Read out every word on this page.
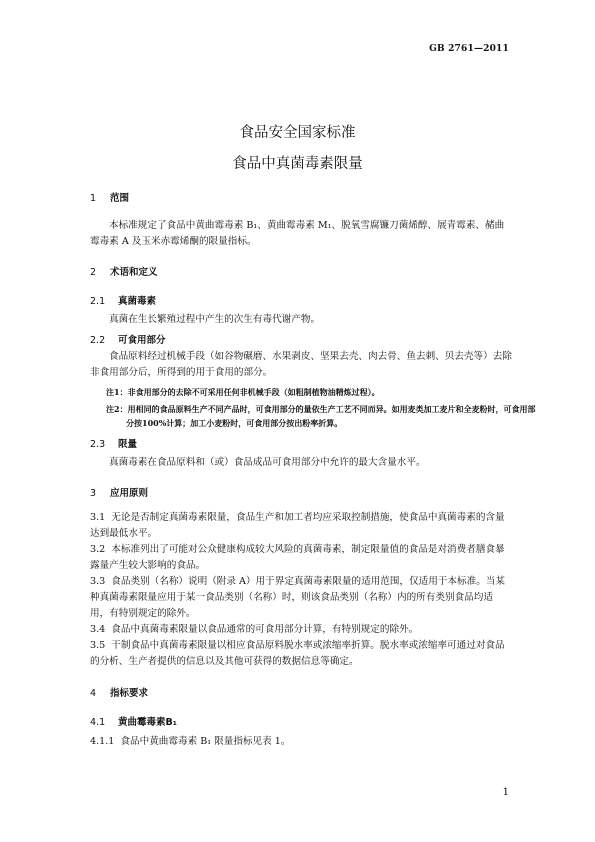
GB 2761—2011
食品安全国家标准
食品中真菌毒素限量
1 范围
本标准规定了食品中黄曲霉毒素 B₁、黄曲霉毒素 M₁、脱氧雪腐镰刀菌烯醇、展青霉素、赭曲霉毒素 A 及玉米赤霉烯酮的限量指标。
2 术语和定义
2.1 真菌毒素
真菌在生长繁殖过程中产生的次生有毒代谢产物。
2.2 可食用部分
食品原料经过机械手段（如谷物碾磨、水果剥皮、坚果去壳、肉去骨、鱼去刺、贝去壳等）去除非食用部分后，所得到的用于食用的部分。
注1：非食用部分的去除不可采用任何非机械手段（如粗制植物油精炼过程）。
注2：用相同的食品原料生产不同产品时，可食用部分的量依生产工艺不同而异。如用麦类加工麦片和全麦粉时，可食用部分按100%计算；加工小麦粉时，可食用部分按出粉率折算。
2.3 限量
真菌毒素在食品原料和（或）食品成品可食用部分中允许的最大含量水平。
3 应用原则
3.1 无论是否制定真菌毒素限量，食品生产和加工者均应采取控制措施，使食品中真菌毒素的含量达到最低水平。
3.2 本标准列出了可能对公众健康构成较大风险的真菌毒素，制定限量值的食品是对消费者膳食暴露量产生较大影响的食品。
3.3 食品类别（名称）说明（附录 A）用于界定真菌毒素限量的适用范围，仅适用于本标准。当某种真菌毒素限量应用于某一食品类别（名称）时，则该食品类别（名称）内的所有类别食品均适用，有特别规定的除外。
3.4 食品中真菌毒素限量以食品通常的可食用部分计算，有特别规定的除外。
3.5 干制食品中真菌毒素限量以相应食品原料脱水率或浓缩率折算。脱水率或浓缩率可通过对食品的分析、生产者提供的信息以及其他可获得的数据信息等确定。
4 指标要求
4.1 黄曲霉毒素B₁
4.1.1 食品中黄曲霉毒素 B₁ 限量指标见表 1。
1
